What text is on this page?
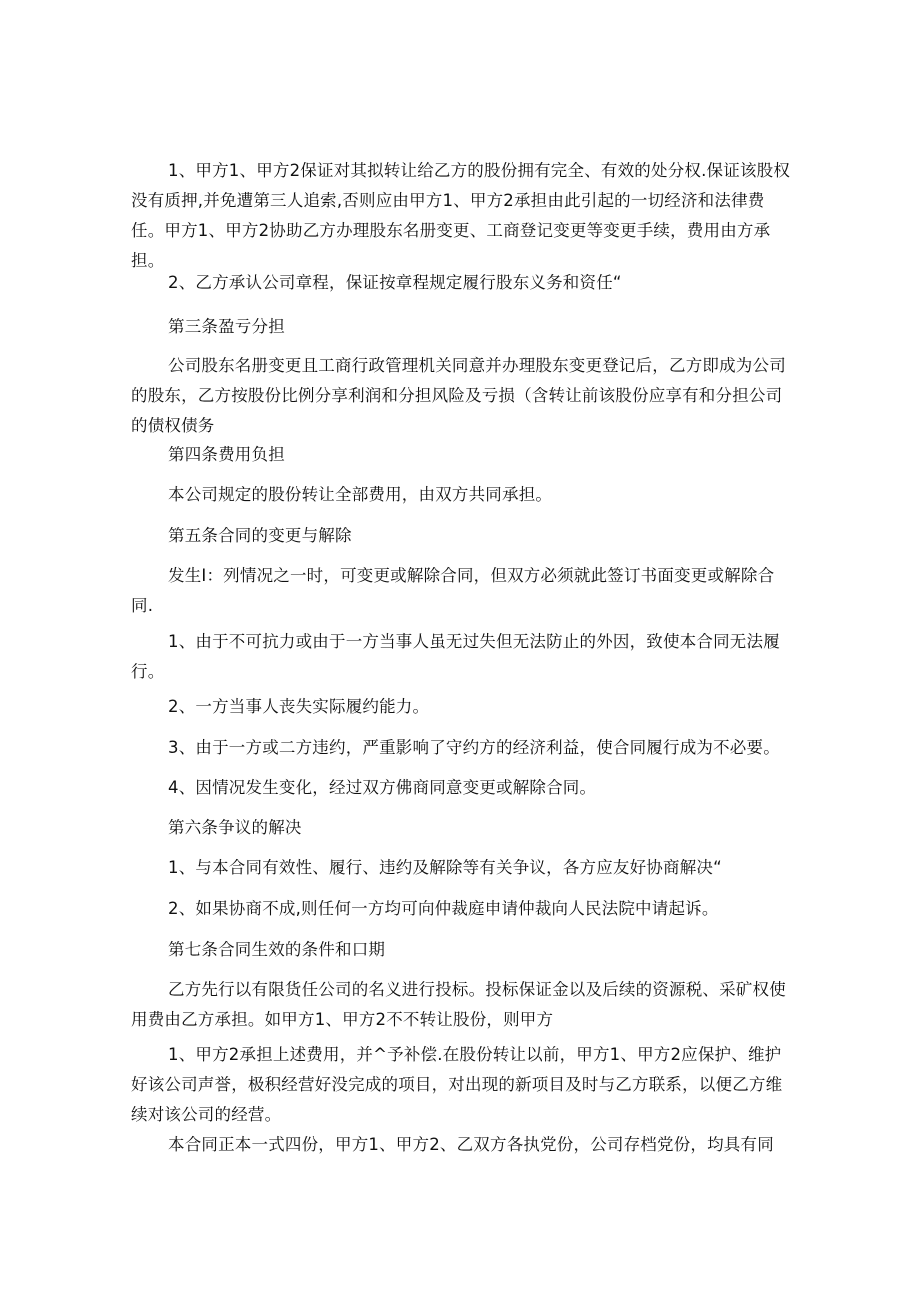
1、甲方1、甲方2保证对其拟转让给乙方的股份拥有完全、有效的处分权.保证该股权没有质押,并免遭第三人追索,否则应由甲方1、甲方2承担由此引起的一切经济和法律费任。甲方1、甲方2协助乙方办理股东名册变更、工商登记变更等变更手续，费用由方承担。

2、乙方承认公司章程，保证按章程规定履行股东义务和资任“

第三条盈亏分担

公司股东名册变更且工商行政管理机关同意并办理股东变更登记后，乙方即成为公司的股东，乙方按股份比例分享利润和分担风险及亏损（含转让前该股份应享有和分担公司的债权债务

第四条费用负担

本公司规定的股份转让全部费用，由双方共同承担。

第五条合同的变更与解除

发生I：列情况之一时，可变更或解除合同，但双方必须就此签订书面变更或解除合同.

1、由于不可抗力或由于一方当事人虽无过失但无法防止的外因，致使本合同无法履行。

2、一方当事人丧失实际履约能力。

3、由于一方或二方违约，严重影响了守约方的经济利益，使合同履行成为不必要。

4、因情况发生变化，经过双方佛商同意变更或解除合同。

第六条争议的解决

1、与本合同有效性、履行、违约及解除等有关争议，各方应友好协商解决“

2、如果协商不成,则任何一方均可向仲裁庭申请仲裁向人民法院中请起诉。

第七条合同生效的条件和口期

乙方先行以有限货任公司的名义进行投标。投标保证金以及后续的资源税、采矿权使用费由乙方承担。如甲方1、甲方2不不转让股份，则甲方

1、甲方2承担上述费用，并^予补偿.在股份转让以前，甲方1、甲方2应保护、维护好该公司声誉，极积经营好没完成的项目，对出现的新项目及时与乙方联系，以便乙方维续对该公司的经营。

本合同正本一式四份，甲方1、甲方2、乙双方各执党份，公司存档党份，均具有同
